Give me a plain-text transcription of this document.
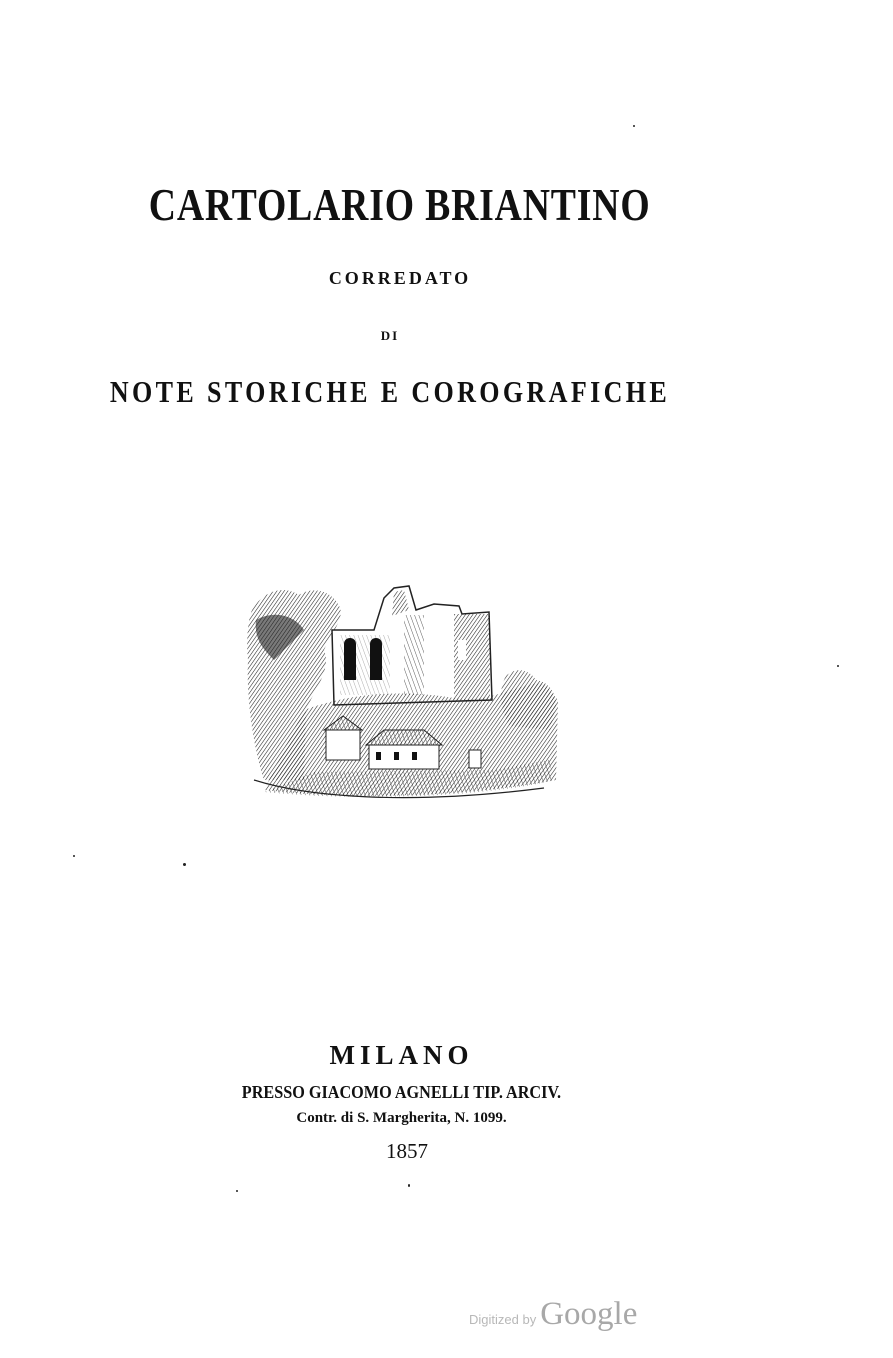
CARTOLARIO BRIANTINO
CORREDATO
DI
NOTE STORICHE E COROGRAFICHE
MILANO
PRESSO GIACOMO AGNELLI TIP. ARCIV.
Contr. di S. Margherita, N. 1099.
1857
Digitized by Google
